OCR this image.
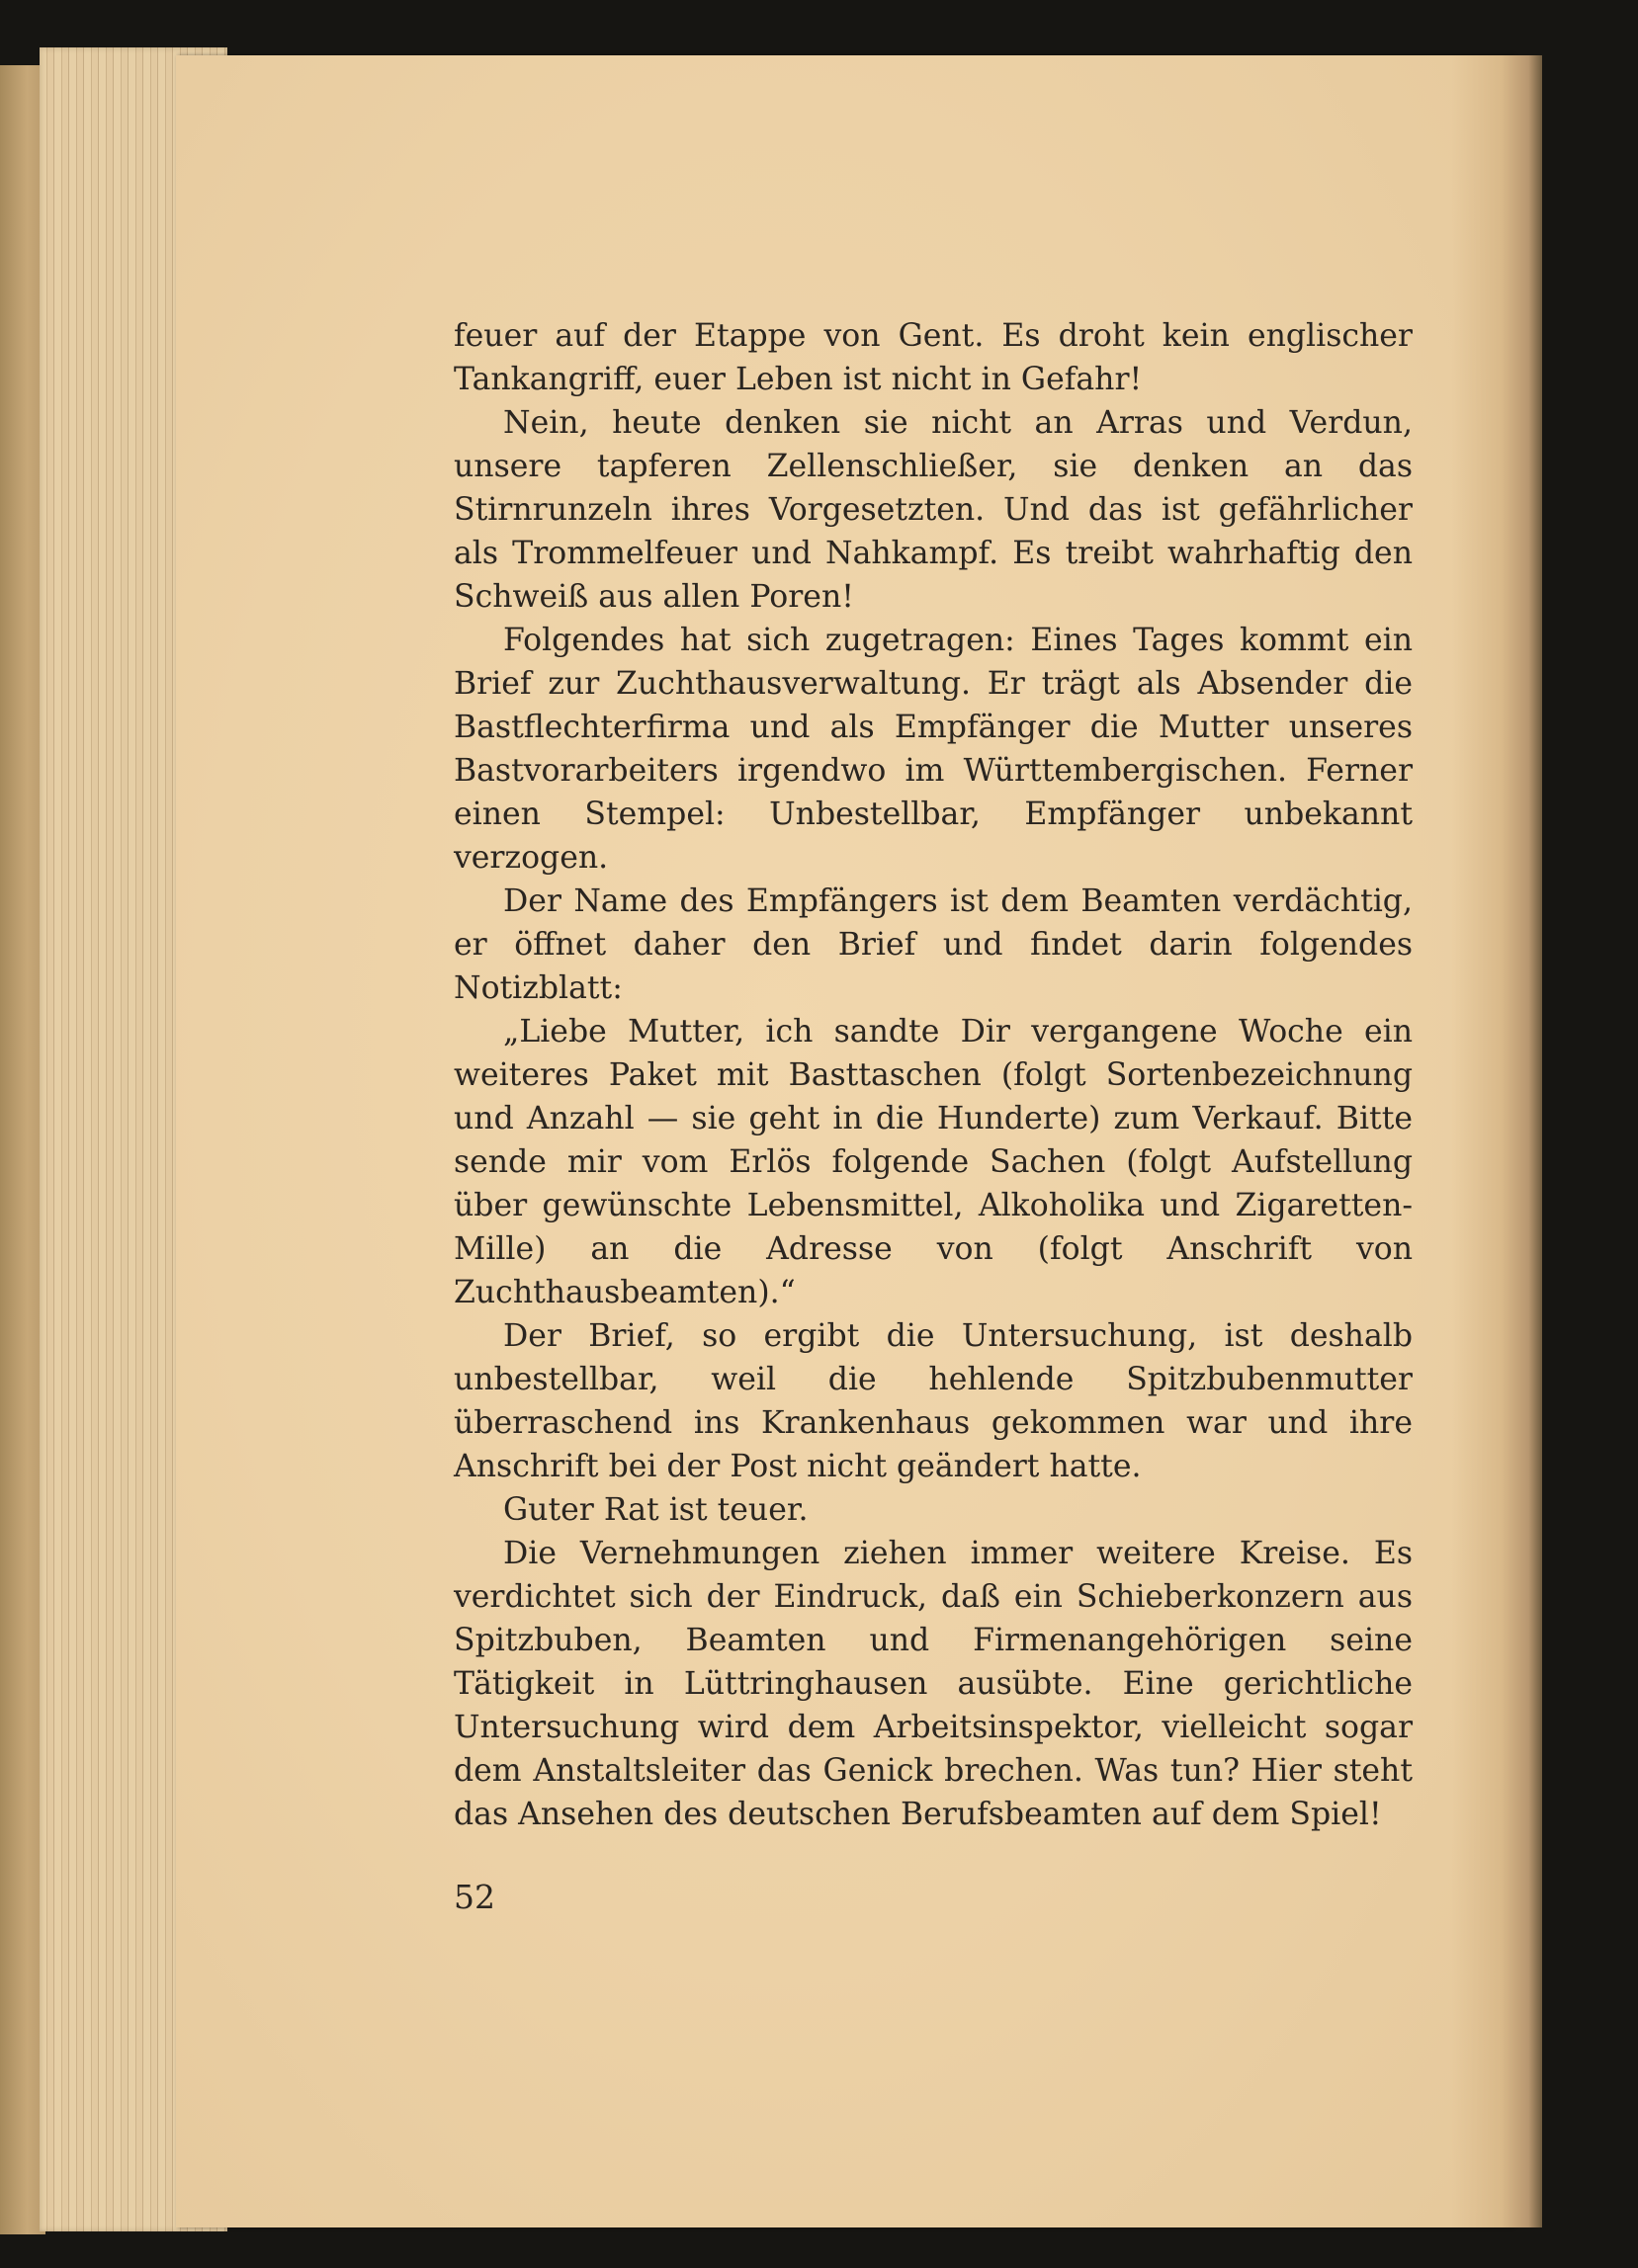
feuer auf der Etappe von Gent. Es droht kein englischer Tankangriff, euer Leben ist nicht in Gefahr!

Nein, heute denken sie nicht an Arras und Verdun, unsere tapferen Zellenschließer, sie denken an das Stirnrunzeln ihres Vorgesetzten. Und das ist gefährlicher als Trommelfeuer und Nahkampf. Es treibt wahrhaftig den Schweiß aus allen Poren!

Folgendes hat sich zugetragen: Eines Tages kommt ein Brief zur Zuchthausverwaltung. Er trägt als Absender die Bastflechterfirma und als Empfänger die Mutter unseres Bastvorarbeiters irgendwo im Württembergischen. Ferner einen Stempel: Unbestellbar, Empfänger unbekannt verzogen.

Der Name des Empfängers ist dem Beamten verdächtig, er öffnet daher den Brief und findet darin folgendes Notizblatt:

„Liebe Mutter, ich sandte Dir vergangene Woche ein weiteres Paket mit Basttaschen (folgt Sortenbezeichnung und Anzahl — sie geht in die Hunderte) zum Verkauf. Bitte sende mir vom Erlös folgende Sachen (folgt Aufstellung über gewünschte Lebensmittel, Alkoholika und Zigaretten-Mille) an die Adresse von (folgt Anschrift von Zuchthausbeamten).“

Der Brief, so ergibt die Untersuchung, ist deshalb unbestellbar, weil die hehlende Spitzbubenmutter überraschend ins Krankenhaus gekommen war und ihre Anschrift bei der Post nicht geändert hatte.

Guter Rat ist teuer.

Die Vernehmungen ziehen immer weitere Kreise. Es verdichtet sich der Eindruck, daß ein Schieberkonzern aus Spitzbuben, Beamten und Firmenangehörigen seine Tätigkeit in Lüttringhausen ausübte. Eine gerichtliche Untersuchung wird dem Arbeitsinspektor, vielleicht sogar dem Anstaltsleiter das Genick brechen. Was tun? Hier steht das Ansehen des deutschen Berufsbeamten auf dem Spiel!

52
